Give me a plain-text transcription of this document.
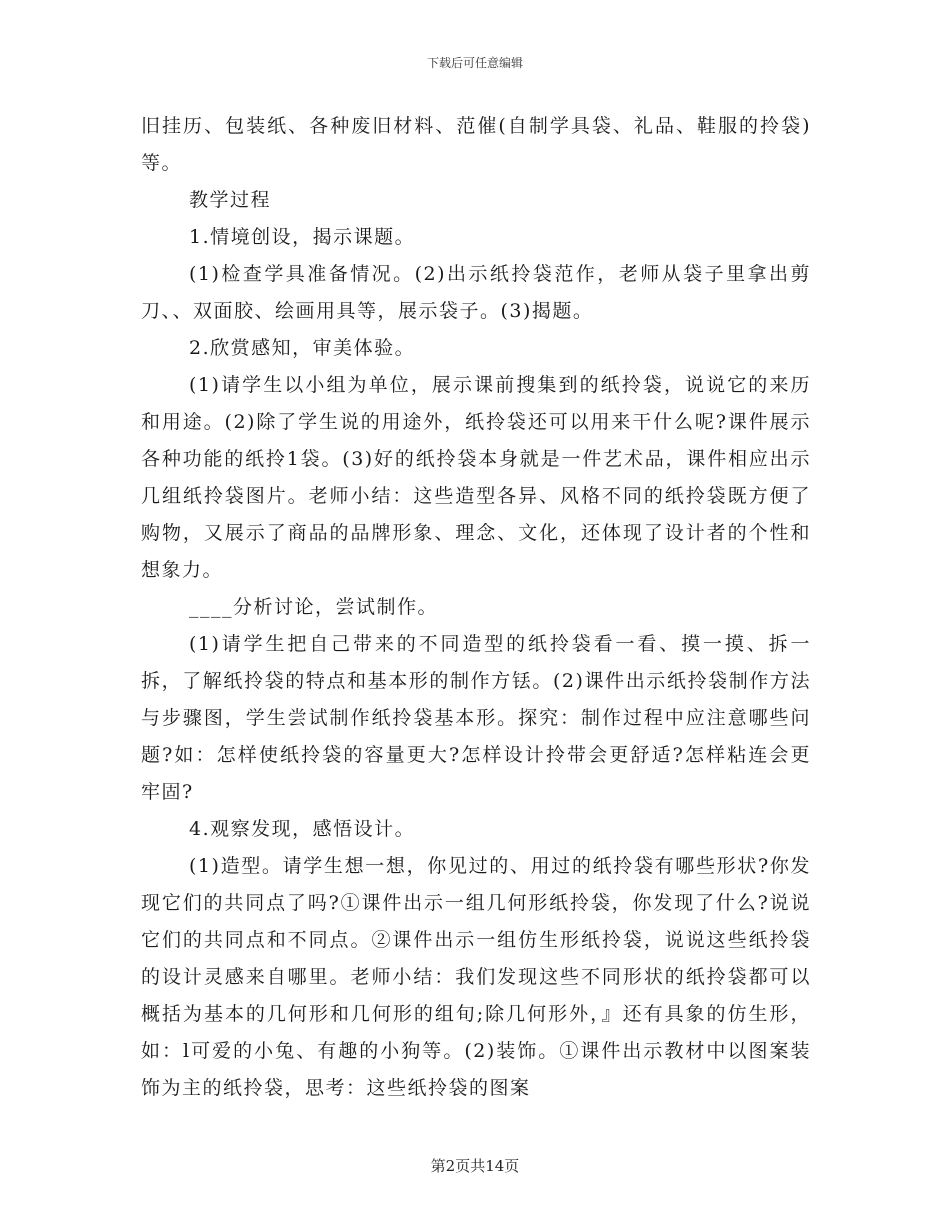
下载后可任意编辑

旧挂历、包装纸、各种废旧材料、范催(自制学具袋、礼品、鞋服的拎袋)等。

教学过程

1.情境创设，揭示课题。

(1)检查学具准备情况。(2)出示纸拎袋范作，老师从袋子里拿出剪刀、、双面胶、绘画用具等，展示袋子。(3)揭题。

2.欣赏感知，审美体验。

(1)请学生以小组为单位，展示课前搜集到的纸拎袋，说说它的来历和用途。(2)除了学生说的用途外，纸拎袋还可以用来干什么呢?课件展示各种功能的纸拎1袋。(3)好的纸拎袋本身就是一件艺术品，课件相应出示几组纸拎袋图片。老师小结：这些造型各异、风格不同的纸拎袋既方便了购物，又展示了商品的品牌形象、理念、文化，还体现了设计者的个性和想象力。

____分析讨论，尝试制作。

(1)请学生把自己带来的不同造型的纸拎袋看一看、摸一摸、拆一拆，了解纸拎袋的特点和基本形的制作方铥。(2)课件出示纸拎袋制作方法与步骤图，学生尝试制作纸拎袋基本形。探究：制作过程中应注意哪些问题?如：怎样使纸拎袋的容量更大?怎样设计拎带会更舒适?怎样粘连会更牢固?

4.观察发现，感悟设计。

(1)造型。请学生想一想，你见过的、用过的纸拎袋有哪些形状?你发现它们的共同点了吗?①课件出示一组几何形纸拎袋，你发现了什么?说说它们的共同点和不同点。②课件出示一组仿生形纸拎袋，说说这些纸拎袋的设计灵感来自哪里。老师小结：我们发现这些不同形状的纸拎袋都可以概括为基本的几何形和几何形的组旬;除几何形外，』还有具象的仿生形，如：l可爱的小兔、有趣的小狗等。(2)装饰。①课件出示教材中以图案装饰为主的纸拎袋，思考：这些纸拎袋的图案

第2页共14页
